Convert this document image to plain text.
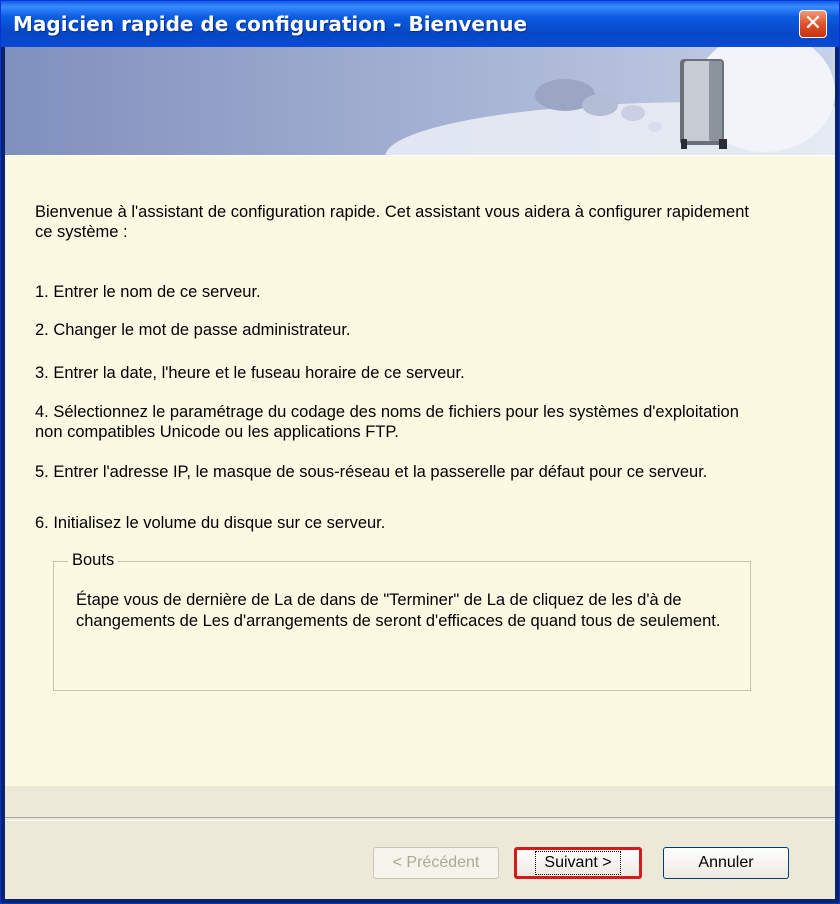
Magicien rapide de configuration - Bienvenue	✕
Bienvenue à l'assistant de configuration rapide. Cet assistant vous aidera à configurer rapidement ce système :
1. Entrer le nom de ce serveur.
2. Changer le mot de passe administrateur.
3. Entrer la date, l'heure et le fuseau horaire de ce serveur.
4. Sélectionnez le paramétrage du codage des noms de fichiers pour les systèmes d'exploitation non compatibles Unicode ou les applications FTP.
5. Entrer l'adresse IP, le masque de sous-réseau et la passerelle par défaut pour ce serveur.
6. Initialisez le volume du disque sur ce serveur.
Bouts
Étape vous de dernière de La de dans de "Terminer" de La de cliquez de les d'à de changements de Les d'arrangements de seront d'efficaces de quand tous de seulement.
< Précédent	Suivant >	Annuler
